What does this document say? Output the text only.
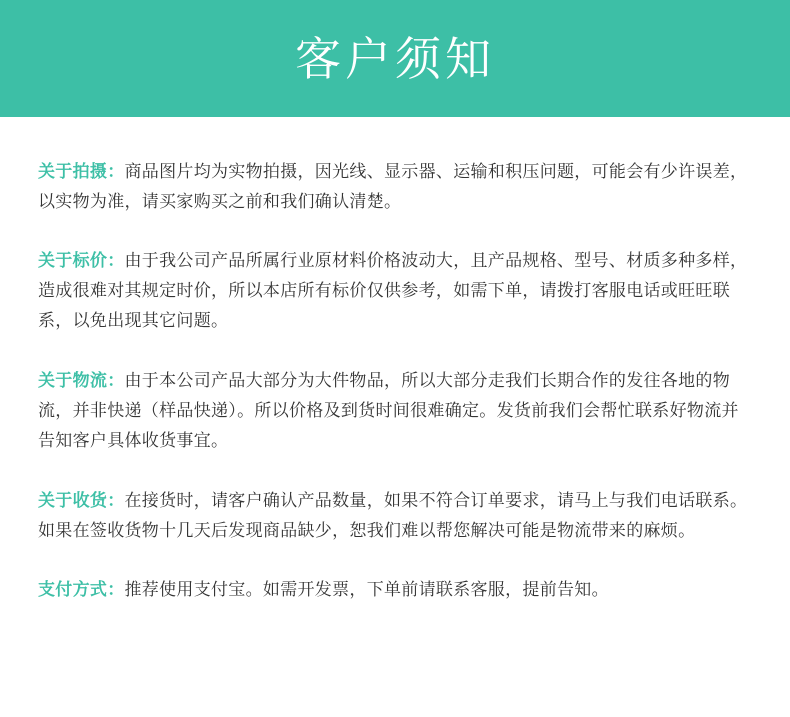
客户须知

关于拍摄：商品图片均为实物拍摄，因光线、显示器、运输和积压问题，可能会有少许误差，以实物为准，请买家购买之前和我们确认清楚。

关于标价：由于我公司产品所属行业原材料价格波动大，且产品规格、型号、材质多种多样，造成很难对其规定时价，所以本店所有标价仅供参考，如需下单，请拨打客服电话或旺旺联系，以免出现其它问题。

关于物流：由于本公司产品大部分为大件物品，所以大部分走我们长期合作的发往各地的物流，并非快递（样品快递）。所以价格及到货时间很难确定。发货前我们会帮忙联系好物流并告知客户具体收货事宜。

关于收货：在接货时，请客户确认产品数量，如果不符合订单要求，请马上与我们电话联系。如果在签收货物十几天后发现商品缺少，恕我们难以帮您解决可能是物流带来的麻烦。

支付方式：推荐使用支付宝。如需开发票，下单前请联系客服，提前告知。
